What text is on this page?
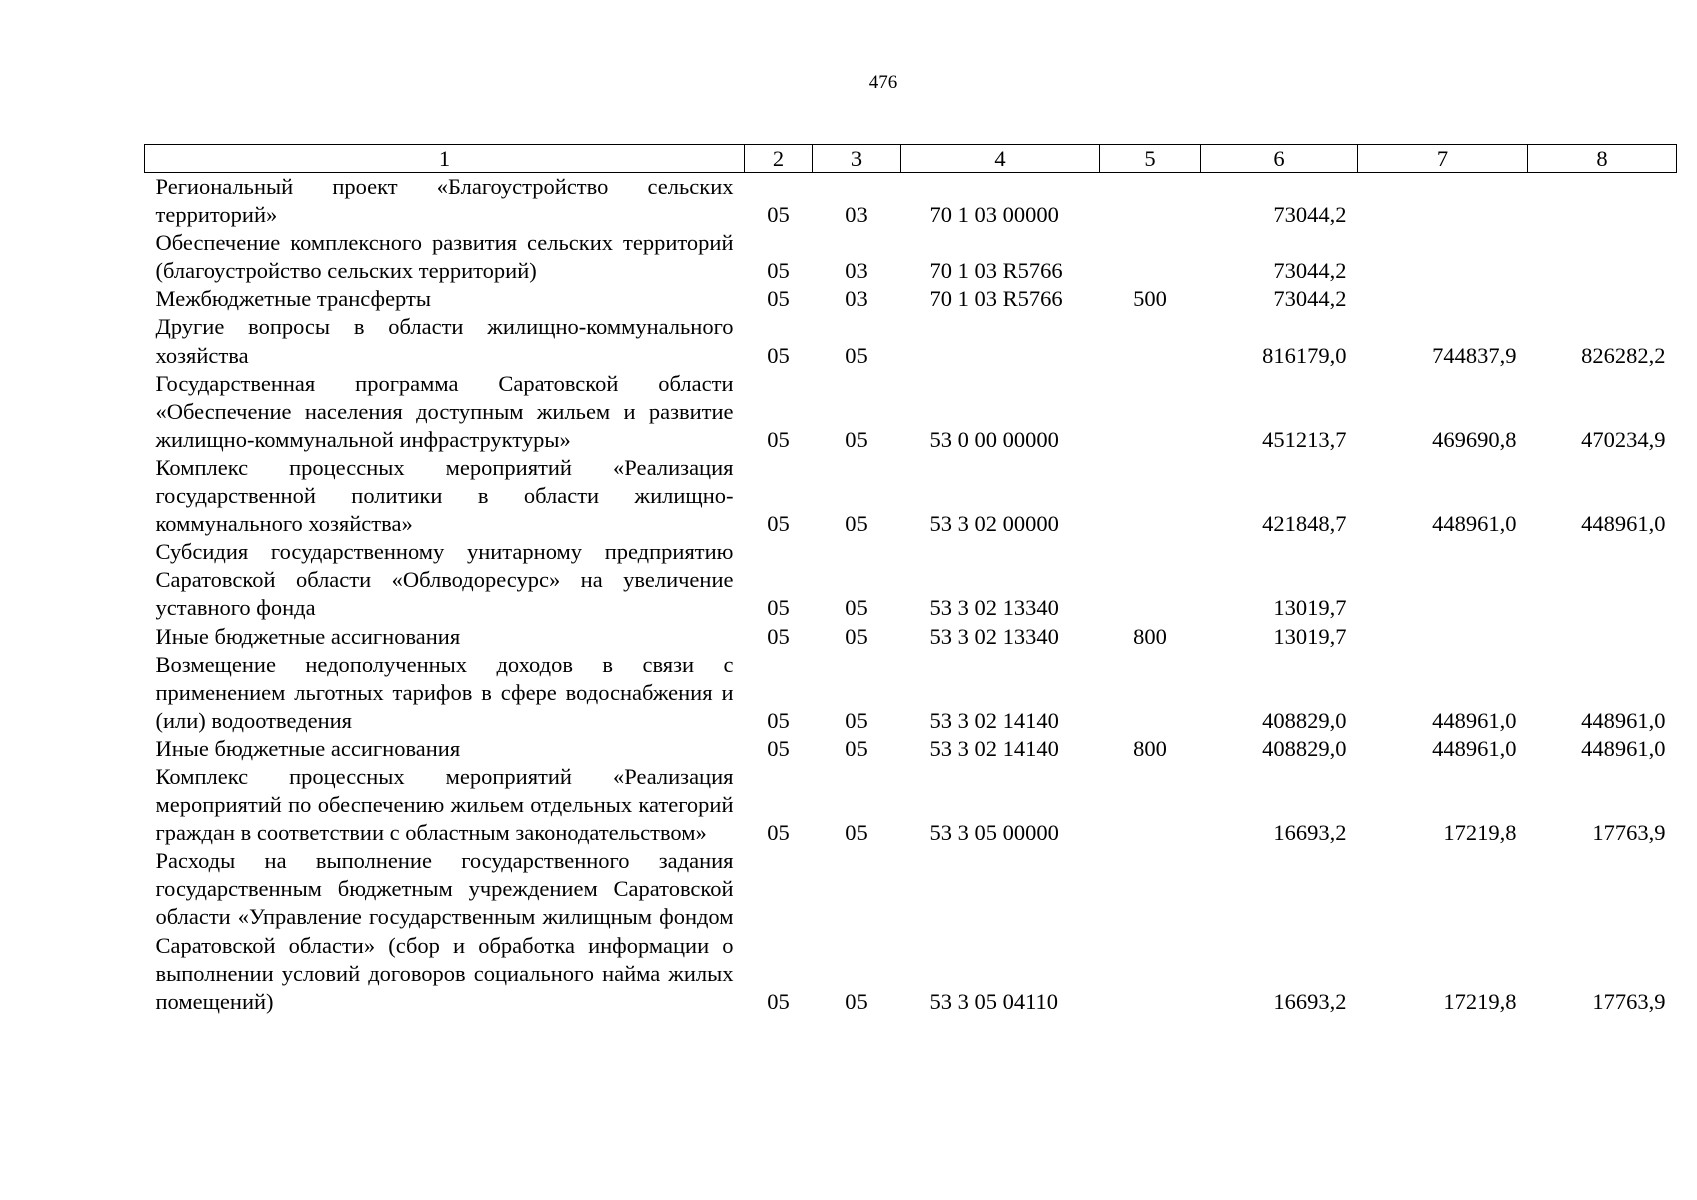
476
1	2	3	4	5	6	7	8
Региональный проект «Благоустройство сельских территорий»	05	03	70 1 03 00000		73044,2		
Обеспечение комплексного развития сельских территорий (благоустройство сельских территорий)	05	03	70 1 03 R5766		73044,2		
Межбюджетные трансферты	05	03	70 1 03 R5766	500	73044,2		
Другие вопросы в области жилищно-коммунального хозяйства	05	05			816179,0	744837,9	826282,2
Государственная программа Саратовской области «Обеспечение населения доступным жильем и развитие жилищно-коммунальной инфраструктуры»	05	05	53 0 00 00000		451213,7	469690,8	470234,9
Комплекс процессных мероприятий «Реализация государственной политики в области жилищно-коммунального хозяйства»	05	05	53 3 02 00000		421848,7	448961,0	448961,0
Субсидия государственному унитарному предприятию Саратовской области «Облводоресурс» на увеличение уставного фонда	05	05	53 3 02 13340		13019,7		
Иные бюджетные ассигнования	05	05	53 3 02 13340	800	13019,7		
Возмещение недополученных доходов в связи с применением льготных тарифов в сфере водоснабжения и (или) водоотведения	05	05	53 3 02 14140		408829,0	448961,0	448961,0
Иные бюджетные ассигнования	05	05	53 3 02 14140	800	408829,0	448961,0	448961,0
Комплекс процессных мероприятий «Реализация мероприятий по обеспечению жильем отдельных категорий граждан в соответствии с областным законодательством»	05	05	53 3 05 00000		16693,2	17219,8	17763,9
Расходы на выполнение государственного задания государственным бюджетным учреждением Саратовской области «Управление государственным жилищным фондом Саратовской области» (сбор и обработка информации о выполнении условий договоров социального найма жилых помещений)	05	05	53 3 05 04110		16693,2	17219,8	17763,9
